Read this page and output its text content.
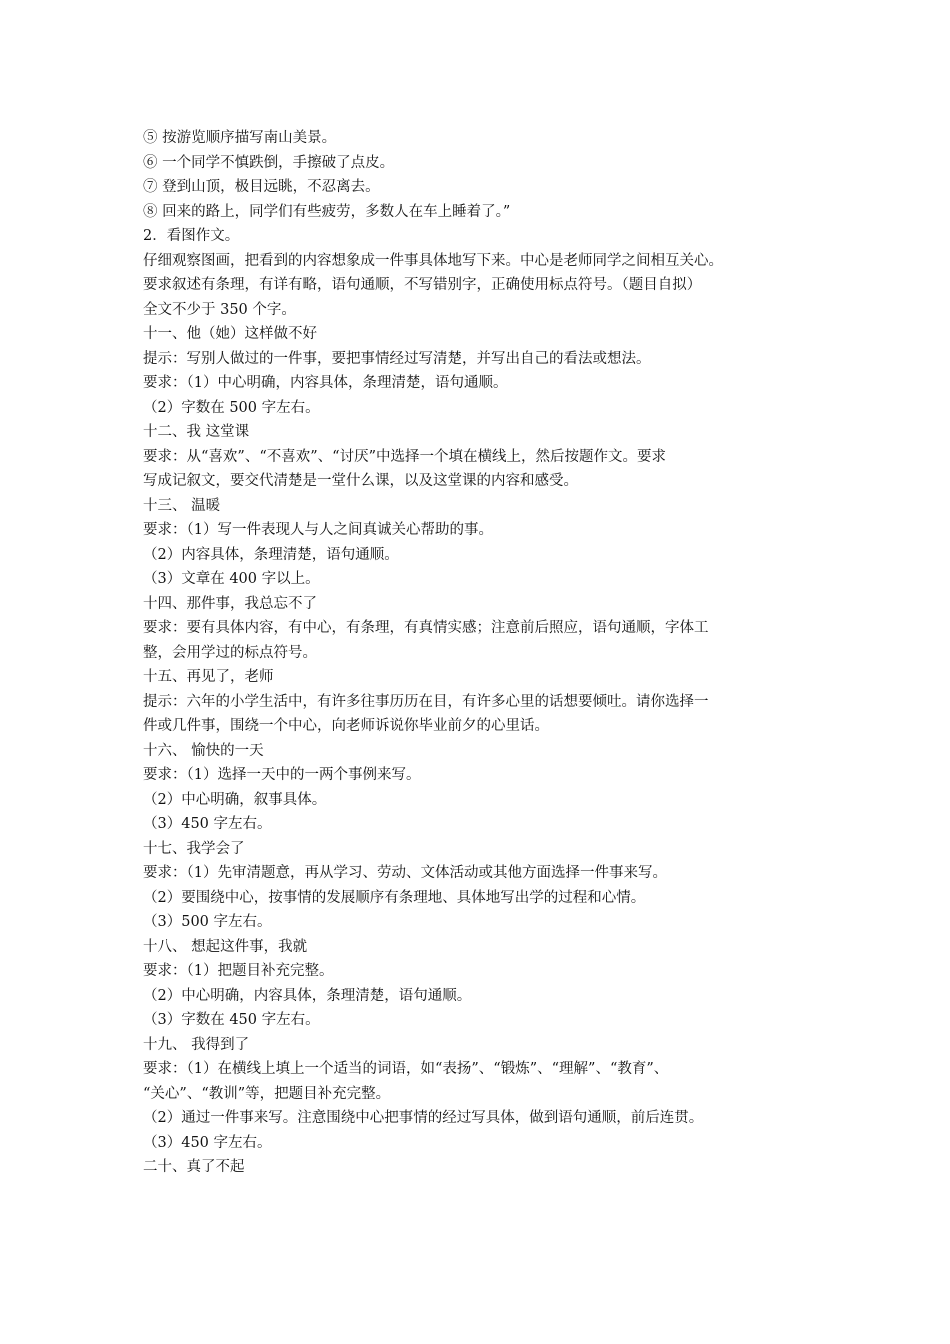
⑤ 按游览顺序描写南山美景。
⑥ 一个同学不慎跌倒，手擦破了点皮。
⑦ 登到山顶，极目远眺，不忍离去。
⑧ 回来的路上，同学们有些疲劳，多数人在车上睡着了。”
2．看图作文。
仔细观察图画，把看到的内容想象成一件事具体地写下来。中心是老师同学之间相互关心。
要求叙述有条理，有详有略，语句通顺，不写错别字，正确使用标点符号。（题目自拟）
全文不少于 350 个字。
十一、他（她）这样做不好
提示：写别人做过的一件事，要把事情经过写清楚，并写出自己的看法或想法。
要求：（1）中心明确，内容具体，条理清楚，语句通顺。
（2）字数在 500 字左右。
十二、我 这堂课
要求：从“喜欢”、“不喜欢”、“讨厌”中选择一个填在横线上，然后按题作文。要求
写成记叙文，要交代清楚是一堂什么课，以及这堂课的内容和感受。
十三、 温暖
要求：（1）写一件表现人与人之间真诚关心帮助的事。
（2）内容具体，条理清楚，语句通顺。
（3）文章在 400 字以上。
十四、那件事，我总忘不了
要求：要有具体内容，有中心，有条理，有真情实感；注意前后照应，语句通顺，字体工
整，会用学过的标点符号。
十五、再见了，老师
提示：六年的小学生活中，有许多往事历历在目，有许多心里的话想要倾吐。请你选择一
件或几件事，围绕一个中心，向老师诉说你毕业前夕的心里话。
十六、 愉快的一天
要求：（1）选择一天中的一两个事例来写。
（2）中心明确，叙事具体。
（3）450 字左右。
十七、我学会了
要求：（1）先审清题意，再从学习、劳动、文体活动或其他方面选择一件事来写。
（2）要围绕中心，按事情的发展顺序有条理地、具体地写出学的过程和心情。
（3）500 字左右。
十八、 想起这件事，我就
要求：（1）把题目补充完整。
（2）中心明确，内容具体，条理清楚，语句通顺。
（3）字数在 450 字左右。
十九、 我得到了
要求：（1）在横线上填上一个适当的词语，如“表扬”、“锻炼”、“理解”、“教育”、
“关心”、“教训”等，把题目补充完整。
（2）通过一件事来写。注意围绕中心把事情的经过写具体，做到语句通顺，前后连贯。
（3）450 字左右。
二十、真了不起
